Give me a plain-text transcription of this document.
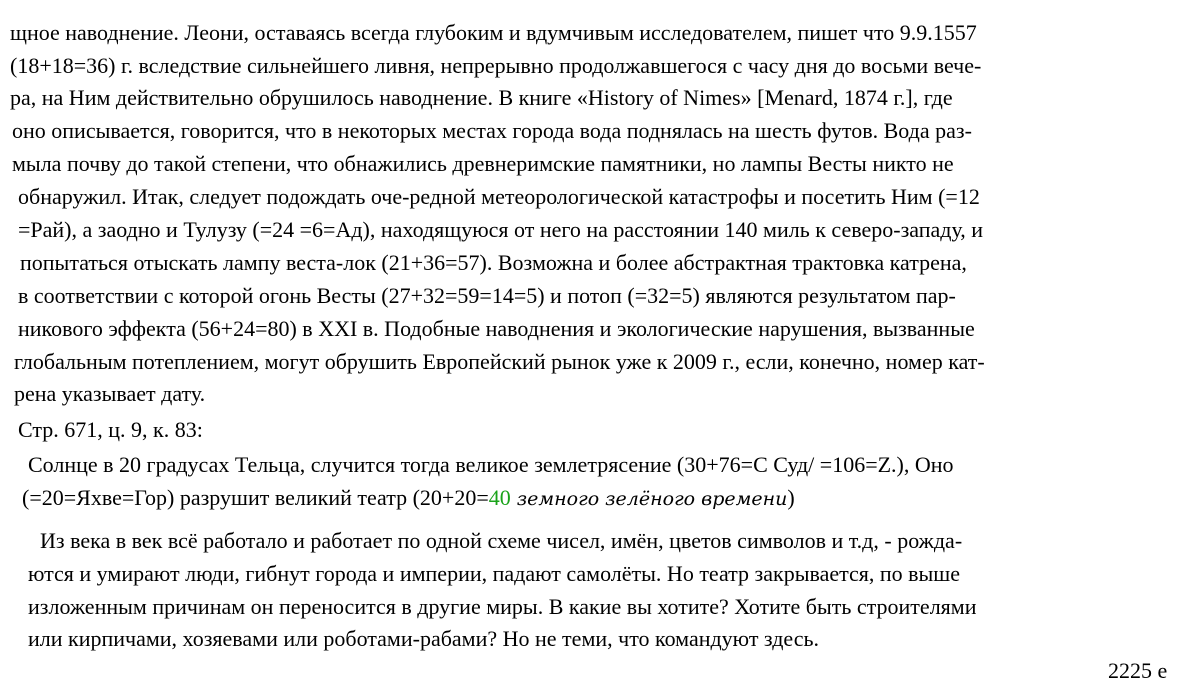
щное наводнение. Леони, оставаясь всегда глубоким и вдумчивым исследователем, пишет что 9.9.1557
(18+18=36) г. вследствие сильнейшего ливня, непрерывно продолжавшегося с часу дня до восьми вече-
ра, на Ним действительно обрушилось наводнение. В книге «History of Nimes» [Menard, 1874 г.], где
оно описывается, говорится, что в некоторых местах города вода поднялась на шесть футов. Вода раз-
мыла почву до такой степени, что обнажились древнеримские памятники, но лампы Весты никто не
обнаружил. Итак, следует подождать оче-редной метеорологической катастрофы и посетить Ним (=12
=Рай), а заодно и Тулузу (=24 =6=Ад), находящуюся от него на расстоянии 140 миль к северо-западу, и
попытаться отыскать лампу веста-лок (21+36=57). Возможна и более абстрактная трактовка катрена,
в соответствии с которой огонь Весты (27+32=59=14=5) и потоп (=32=5) являются результатом пар-
никового эффекта (56+24=80) в XXI в. Подобные наводнения и экологические нарушения, вызванные
глобальным потеплением, могут обрушить Европейский рынок уже к 2009 г., если, конечно, номер кат-
рена указывает дату.
Стр. 671, ц. 9, к. 83:
Солнце в 20 градусах Тельца, случится тогда великое землетрясение (30+76=С Суд/ =106=Z.), Оно
(=20=Яхве=Гор) разрушит великий театр (20+20=40 земного зелёного времени)
Из века в век всё работало и работает по одной схеме чисел, имён, цветов символов и т.д, - рожда-
ются и умирают люди, гибнут города и империи, падают самолёты. Но театр закрывается, по выше
изложенным причинам он переносится в другие миры. В какие вы хотите? Хотите быть строителями
или кирпичами, хозяевами или роботами-рабами? Но не теми, что командуют здесь.
2225 е
